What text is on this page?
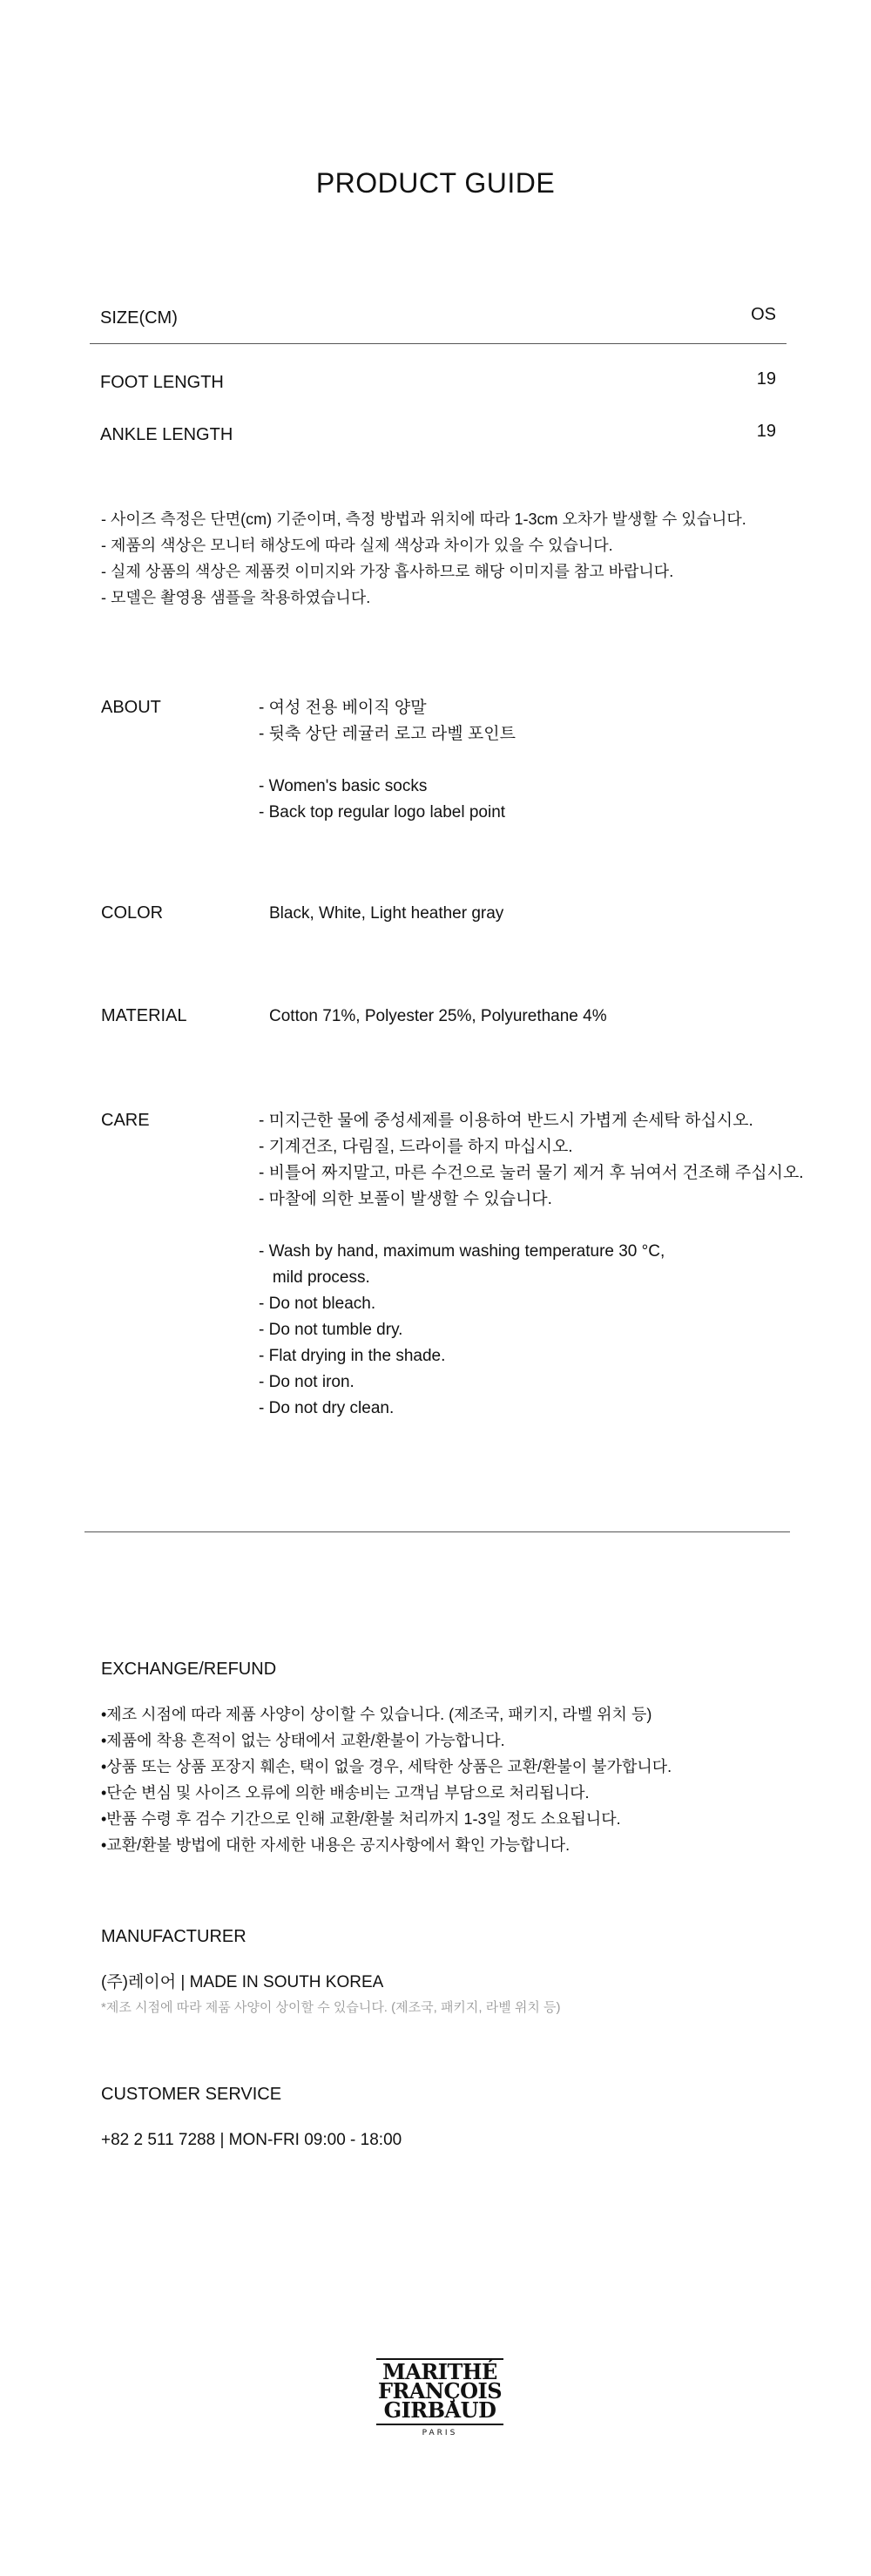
PRODUCT GUIDE
SIZE(CM)	OS
FOOT LENGTH	19
ANKLE LENGTH	19
- 사이즈 측정은 단면(cm) 기준이며, 측정 방법과 위치에 따라 1-3cm 오차가 발생할 수 있습니다.
- 제품의 색상은 모니터 해상도에 따라 실제 색상과 차이가 있을 수 있습니다.
- 실제 상품의 색상은 제품컷 이미지와 가장 흡사하므로 해당 이미지를 참고 바랍니다.
- 모델은 촬영용 샘플을 착용하였습니다.
ABOUT	- 여성 전용 베이직 양말
- 뒷축 상단 레귤러 로고 라벨 포인트

- Women's basic socks
- Back top regular logo label point
COLOR	Black, White, Light heather gray
MATERIAL	Cotton 71%, Polyester 25%, Polyurethane 4%
CARE	- 미지근한 물에 중성세제를 이용하여 반드시 가볍게 손세탁 하십시오.
- 기계건조, 다림질, 드라이를 하지 마십시오.
- 비틀어 짜지말고, 마른 수건으로 눌러 물기 제거 후 뉘여서 건조해 주십시오.
- 마찰에 의한 보풀이 발생할 수 있습니다.

- Wash by hand, maximum washing temperature 30 °C,
mild process.
- Do not bleach.
- Do not tumble dry.
- Flat drying in the shade.
- Do not iron.
- Do not dry clean.
EXCHANGE/REFUND
•제조 시점에 따라 제품 사양이 상이할 수 있습니다. (제조국, 패키지, 라벨 위치 등)
•제품에 착용 흔적이 없는 상태에서 교환/환불이 가능합니다.
•상품 또는 상품 포장지 훼손, 택이 없을 경우, 세탁한 상품은 교환/환불이 불가합니다.
•단순 변심 및 사이즈 오류에 의한 배송비는 고객님 부담으로 처리됩니다.
•반품 수령 후 검수 기간으로 인해 교환/환불 처리까지 1-3일 정도 소요됩니다.
•교환/환불 방법에 대한 자세한 내용은 공지사항에서 확인 가능합니다.
MANUFACTURER
(주)레이어 | MADE IN SOUTH KOREA
*제조 시점에 따라 제품 사양이 상이할 수 있습니다. (제조국, 패키지, 라벨 위치 등)
CUSTOMER SERVICE
+82 2 511 7288 | MON-FRI 09:00 - 18:00
MARITHÉ
FRANÇOIS
GIRBAUD
PARIS
